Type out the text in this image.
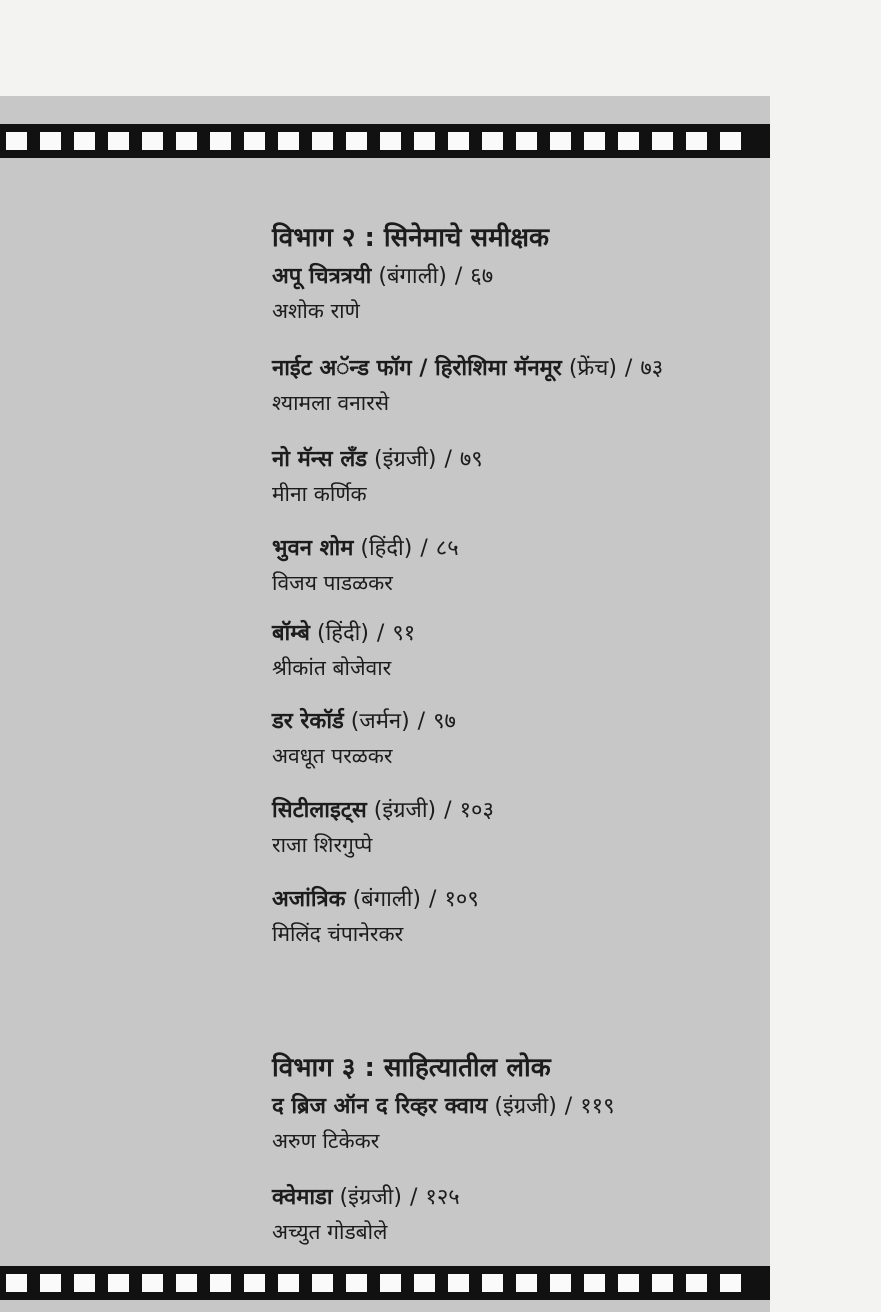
विभाग २ : सिनेमाचे समीक्षक
अपू चित्रत्रयी (बंगाली) / ६७
अशोक राणे
नाईट अॅन्ड फॉग / हिरोशिमा मॅनमूर (फ्रेंच) / ७३
श्यामला वनारसे
नो मॅन्स लँड (इंग्रजी) / ७९
मीना कर्णिक
भुवन शोम (हिंदी) / ८५
विजय पाडळकर
बॉम्बे (हिंदी) / ९१
श्रीकांत बोजेवार
डर रेकॉर्ड (जर्मन) / ९७
अवधूत परळकर
सिटीलाइट्स (इंग्रजी) / १०३
राजा शिरगुप्पे
अजांत्रिक (बंगाली) / १०९
मिलिंद चंपानेरकर
विभाग ३ : साहित्यातील लोक
द ब्रिज ऑन द रिव्हर क्वाय (इंग्रजी) / ११९
अरुण टिकेकर
क्वेमाडा (इंग्रजी) / १२५
अच्युत गोडबोले
